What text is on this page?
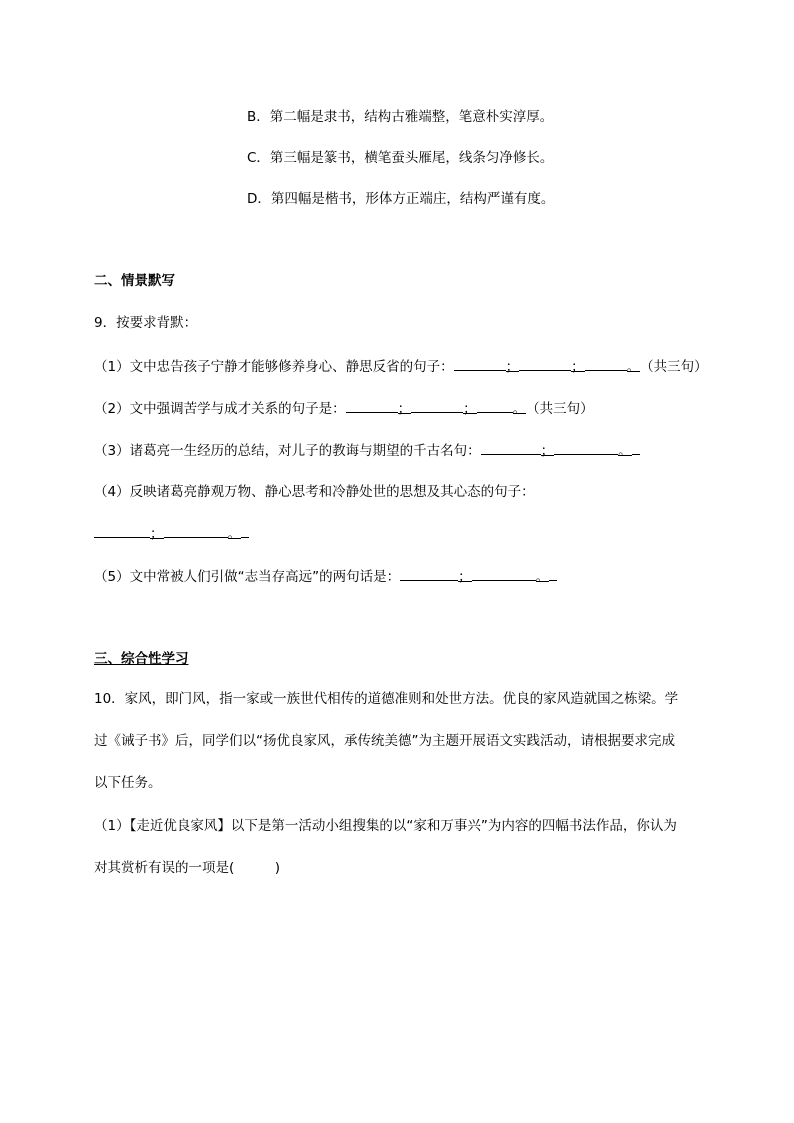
B．第二幅是隶书，结构古雅端整，笔意朴实淳厚。
C．第三幅是篆书，横笔蚕头雁尾，线条匀净修长。
D．第四幅是楷书，形体方正端庄，结构严谨有度。
二、情景默写
9．按要求背默：
（1）文中忠告孩子宁静才能够修养身心、静思反省的句子：	；	；	。（共三句）
（2）文中强调苦学与成才关系的句子是：	；	；	。（共三句）
（3）诸葛亮一生经历的总结，对儿子的教诲与期望的千古名句：	；	。
（4）反映诸葛亮静观万物、静心思考和冷静处世的思想及其心态的句子：
；	。
（5）文中常被人们引做“志当存高远”的两句话是：	；	。
三、综合性学习
10．家风，即门风，指一家或一族世代相传的道德准则和处世方法。优良的家风造就国之栋梁。学
过《诫子书》后，同学们以“扬优良家风，承传统美德”为主题开展语文实践活动，请根据要求完成
以下任务。
（1）【走近优良家风】以下是第一活动小组搜集的以“家和万事兴”为内容的四幅书法作品，你认为
对其赏析有误的一项是(　　　)
